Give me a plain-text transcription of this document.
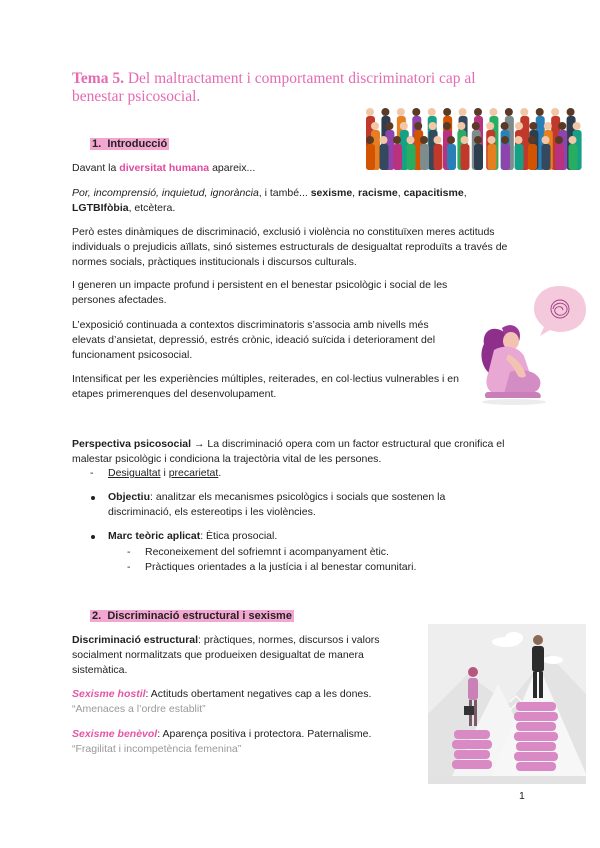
Tema 5. Del maltractament i comportament discriminatori cap al benestar psicosocial.
1. Introducció
Davant la diversitat humana apareix...
Por, incomprensió, inquietud, ignorància, i també... sexisme, racisme, capacitisme, LGTBIfòbia, etcètera.
Però estes dinàmiques de discriminació, exclusió i violència no constituïxen meres actituds individuals o prejudicis aïllats, sinó sistemes estructurals de desigualtat reproduïts a través de normes socials, pràctiques institucionals i discursos culturals.
I generen un impacte profund i persistent en el benestar psicològic i social de les persones afectades.
L’exposició continuada a contextos discriminatoris s’associa amb nivells més elevats d’ansietat, depressió, estrés crònic, ideació suïcida i deteriorament del funcionament psicosocial.
Intensificat per les experiències múltiples, reiterades, en col·lectius vulnerables i en etapes primerenques del desenvolupament.
Perspectiva psicosocial → La discriminació opera com un factor estructural que cronifica el malestar psicològic i condiciona la trajectòria vital de les persones.
- Desigualtat i precarietat.
Objectiu: analitzar els mecanismes psicològics i socials que sostenen la discriminació, els estereotips i les violències.
Marc teòric aplicat: Ètica prosocial.
- Reconeixement del sofriemnt i acompanyament ètic.
- Pràctiques orientades a la justícia i al benestar comunitari.
2. Discriminació estructural i sexisme
Discriminació estructural: pràctiques, normes, discursos i valors socialment normalitzats que produeixen desigualtat de manera sistemàtica.
Sexisme hostil: Actituds obertament negatives cap a les dones.
“Amenaces a l’ordre establit”
Sexisme benèvol: Aparença positiva i protectora. Paternalisme.
“Fragilitat i incompetència femenina”
1
